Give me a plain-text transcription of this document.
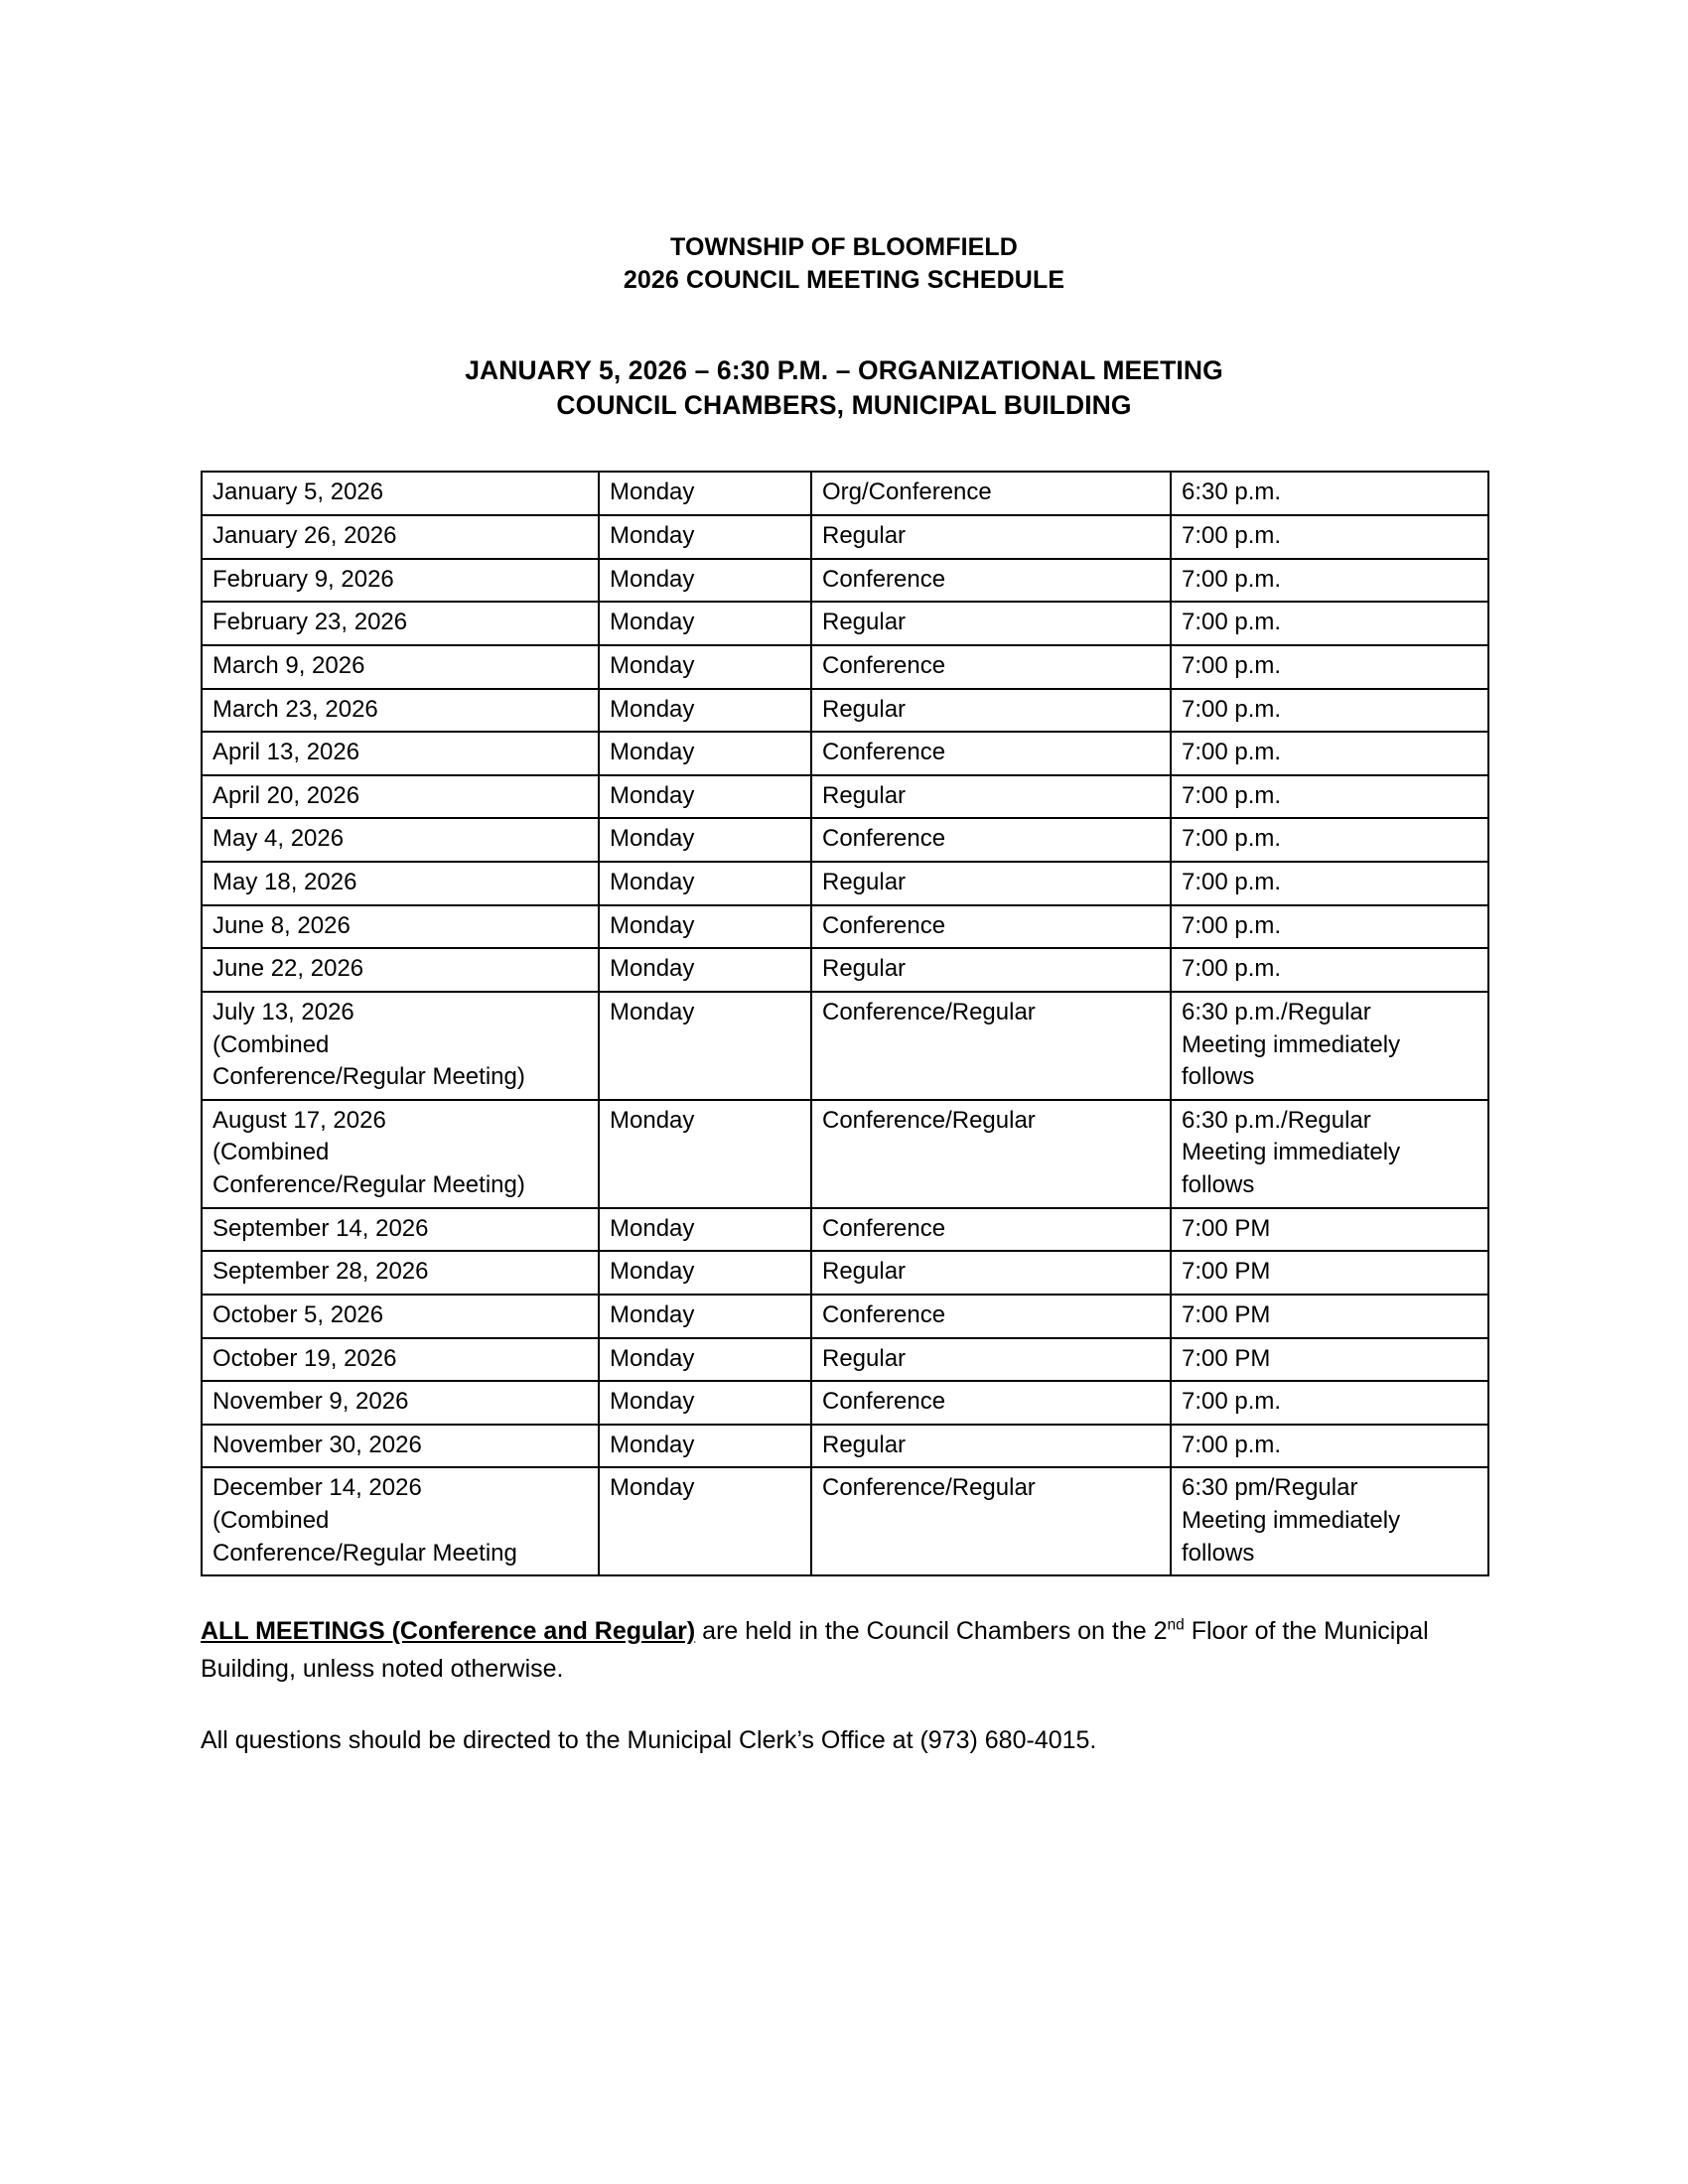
TOWNSHIP OF BLOOMFIELD
2026 COUNCIL MEETING SCHEDULE
JANUARY 5, 2026 – 6:30 P.M. – ORGANIZATIONAL MEETING
COUNCIL CHAMBERS, MUNICIPAL BUILDING
January 5, 2026	Monday	Org/Conference	6:30 p.m.

January 26, 2026	Monday	Regular	7:00 p.m.

February 9, 2026	Monday	Conference	7:00 p.m.

February 23, 2026	Monday	Regular	7:00 p.m.

March 9, 2026	Monday	Conference	7:00 p.m.

March 23, 2026	Monday	Regular	7:00 p.m.

April 13, 2026	Monday	Conference	7:00 p.m.

April 20, 2026	Monday	Regular	7:00 p.m.

May 4, 2026	Monday	Conference	7:00 p.m.

May 18, 2026	Monday	Regular	7:00 p.m.

June 8, 2026	Monday	Conference	7:00 p.m.

June 22, 2026	Monday	Regular	7:00 p.m.

July 13, 2026
(Combined
Conference/Regular Meeting)	Monday	Conference/Regular	6:30 p.m./Regular
Meeting immediately
follows

August 17, 2026
(Combined
Conference/Regular Meeting)	Monday	Conference/Regular	6:30 p.m./Regular
Meeting immediately
follows

September 14, 2026	Monday	Conference	7:00 PM

September 28, 2026	Monday	Regular	7:00 PM

October 5, 2026	Monday	Conference	7:00 PM

October 19, 2026	Monday	Regular	7:00 PM

November 9, 2026	Monday	Conference	7:00 p.m.

November 30, 2026	Monday	Regular	7:00 p.m.

December 14, 2026
(Combined
Conference/Regular Meeting	Monday	Conference/Regular	6:30 pm/Regular
Meeting immediately
follows

ALL MEETINGS (Conference and Regular) are held in the Council Chambers on the 2nd Floor of the Municipal Building, unless noted otherwise.

All questions should be directed to the Municipal Clerk’s Office at (973) 680-4015.
